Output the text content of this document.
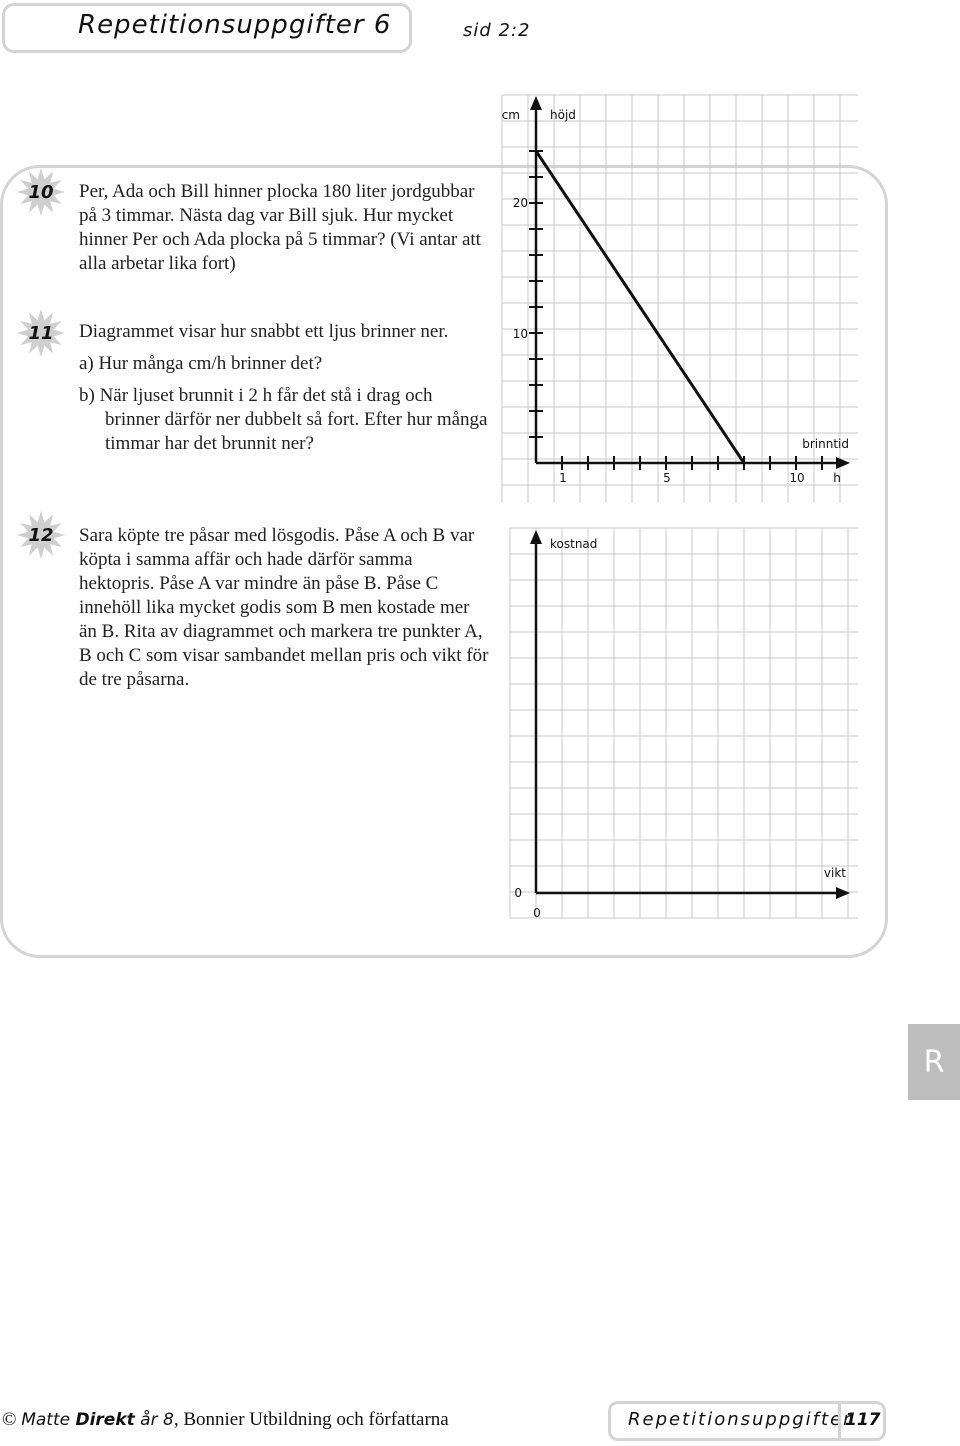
Repetitionsuppgifter 6	sid 2:2
10 Per, Ada och Bill hinner plocka 180 liter jordgubbar på 3 timmar. Nästa dag var Bill sjuk. Hur mycket hinner Per och Ada plocka på 5 timmar? (Vi antar att alla arbetar lika fort)

11 Diagrammet visar hur snabbt ett ljus brinner ner.

a) Hur många cm/h brinner det?

b) När ljuset brunnit i 2 h får det stå i drag och brinner därför ner dubbelt så fort. Efter hur många timmar har det brunnit ner?

12 Sara köpte tre påsar med lösgodis. Påse A och B var köpta i samma affär och hade därför samma hektopris. Påse A var mindre än påse B. Påse C innehöll lika mycket godis som B men kostade mer än B. Rita av diagrammet och markera tre punkter A, B och C som visar sambandet mellan pris och vikt för de tre påsarna.

cm	höjd
20
10
1	5	10
brinntid
h
kostnad
vikt
0
0
R
© Matte Direkt år 8, Bonnier Utbildning och författarna	Repetitionsuppgifter
117
